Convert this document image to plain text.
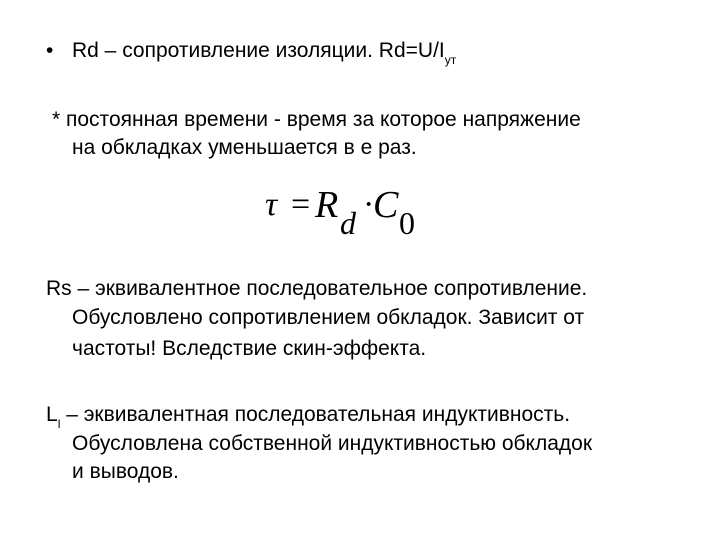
• Rd – сопротивление изоляции. $Rd=U/I_{ут}$
* постоянная времени - время за которое напряжение
на обкладках уменьшается в е раз.
τ = R d ·
C 0
Rs – эквивалентное последовательное сопротивление.
Обусловлено сопротивлением обкладок. Зависит от
частоты! Вследствие скин-эффекта.
$L_l$ – эквивалентная последовательная индуктивность.
Обусловлена собственной индуктивностью обкладок
и выводов.
